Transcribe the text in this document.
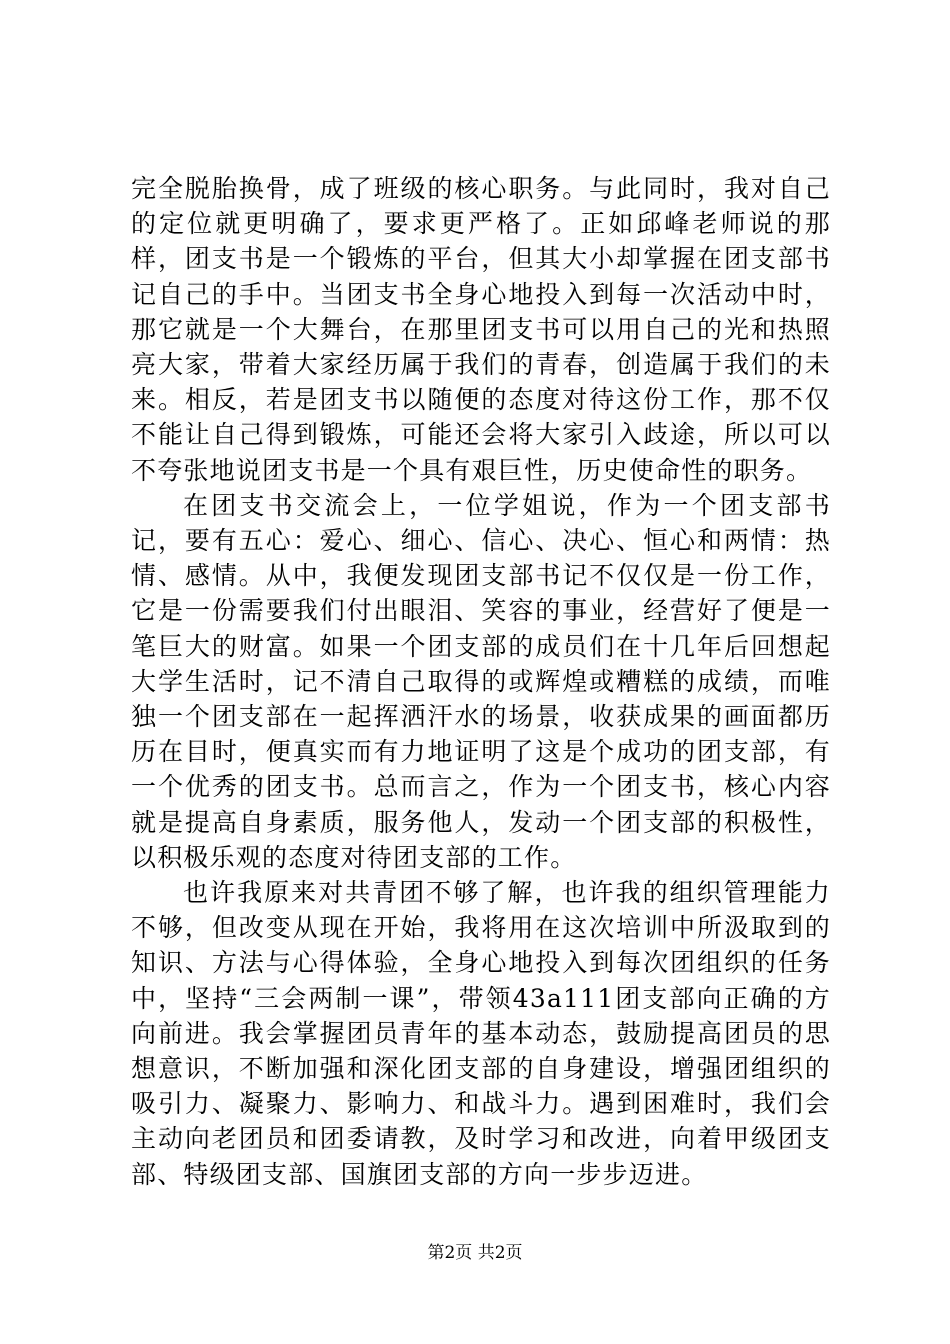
完全脱胎换骨，成了班级的核心职务。与此同时，我对自己的定位就更明确了，要求更严格了。正如邱峰老师说的那样，团支书是一个锻炼的平台，但其大小却掌握在团支部书记自己的手中。当团支书全身心地投入到每一次活动中时，那它就是一个大舞台，在那里团支书可以用自己的光和热照亮大家，带着大家经历属于我们的青春，创造属于我们的未来。相反，若是团支书以随便的态度对待这份工作，那不仅不能让自己得到锻炼，可能还会将大家引入歧途，所以可以不夸张地说团支书是一个具有艰巨性，历史使命性的职务。

在团支书交流会上，一位学姐说，作为一个团支部书记，要有五心：爱心、细心、信心、决心、恒心和两情：热情、感情。从中，我便发现团支部书记不仅仅是一份工作，它是一份需要我们付出眼泪、笑容的事业，经营好了便是一笔巨大的财富。如果一个团支部的成员们在十几年后回想起大学生活时，记不清自己取得的或辉煌或糟糕的成绩，而唯独一个团支部在一起挥洒汗水的场景，收获成果的画面都历历在目时，便真实而有力地证明了这是个成功的团支部，有一个优秀的团支书。总而言之，作为一个团支书，核心内容就是提高自身素质，服务他人，发动一个团支部的积极性，以积极乐观的态度对待团支部的工作。

也许我原来对共青团不够了解，也许我的组织管理能力不够，但改变从现在开始，我将用在这次培训中所汲取到的知识、方法与心得体验，全身心地投入到每次团组织的任务中，坚持“三会两制一课”，带领43a111团支部向正确的方向前进。我会掌握团员青年的基本动态，鼓励提高团员的思想意识，不断加强和深化团支部的自身建设，增强团组织的吸引力、凝聚力、影响力、和战斗力。遇到困难时，我们会主动向老团员和团委请教，及时学习和改进，向着甲级团支部、特级团支部、国旗团支部的方向一步步迈进。

第2页 共2页
